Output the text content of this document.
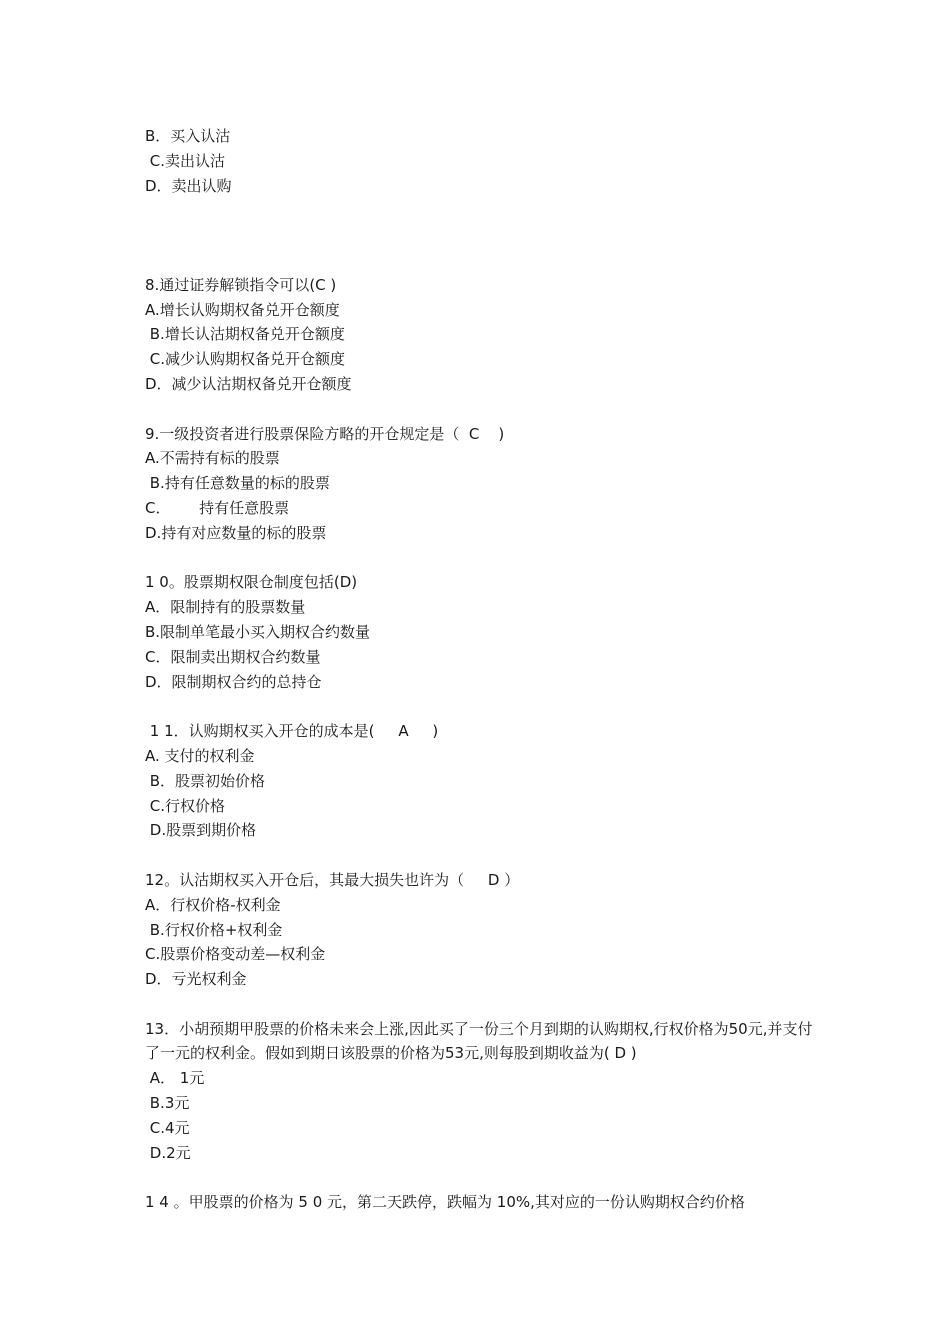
B．买入认沽
C.卖出认沽
D．卖出认购
8.通过证券解锁指令可以(C )
A.增长认购期权备兑开仓额度
B.增长认沽期权备兑开仓额度
C.减少认购期权备兑开仓额度
D．减少认沽期权备兑开仓额度
9.一级投资者进行股票保险方略的开仓规定是（  C    )
A.不需持有标的股票
B.持有任意数量的标的股票
C．      持有任意股票
D.持有对应数量的标的股票
1 0。股票期权限仓制度包括(D)
A．限制持有的股票数量
B.限制单笔最小买入期权合约数量
C．限制卖出期权合约数量
D．限制期权合约的总持仓
1 1．认购期权买入开仓的成本是(     A     )
A. 支付的权利金
B．股票初始价格
C.行权价格
D.股票到期价格
12。认沽期权买入开仓后，其最大损失也许为（     D ）
A．行权价格-权利金
B.行权价格+权利金
C.股票价格变动差—权利金
D．亏光权利金
13．小胡预期甲股票的价格未来会上涨,因此买了一份三个月到期的认购期权,行权价格为50元,并支付了一元的权利金。假如到期日该股票的价格为53元,则每股到期收益为( D )
A． 1元
B.3元
C.4元
D.2元
1 4 。甲股票的价格为 5 0 元，第二天跌停，跌幅为 10%,其对应的一份认购期权合约价格
